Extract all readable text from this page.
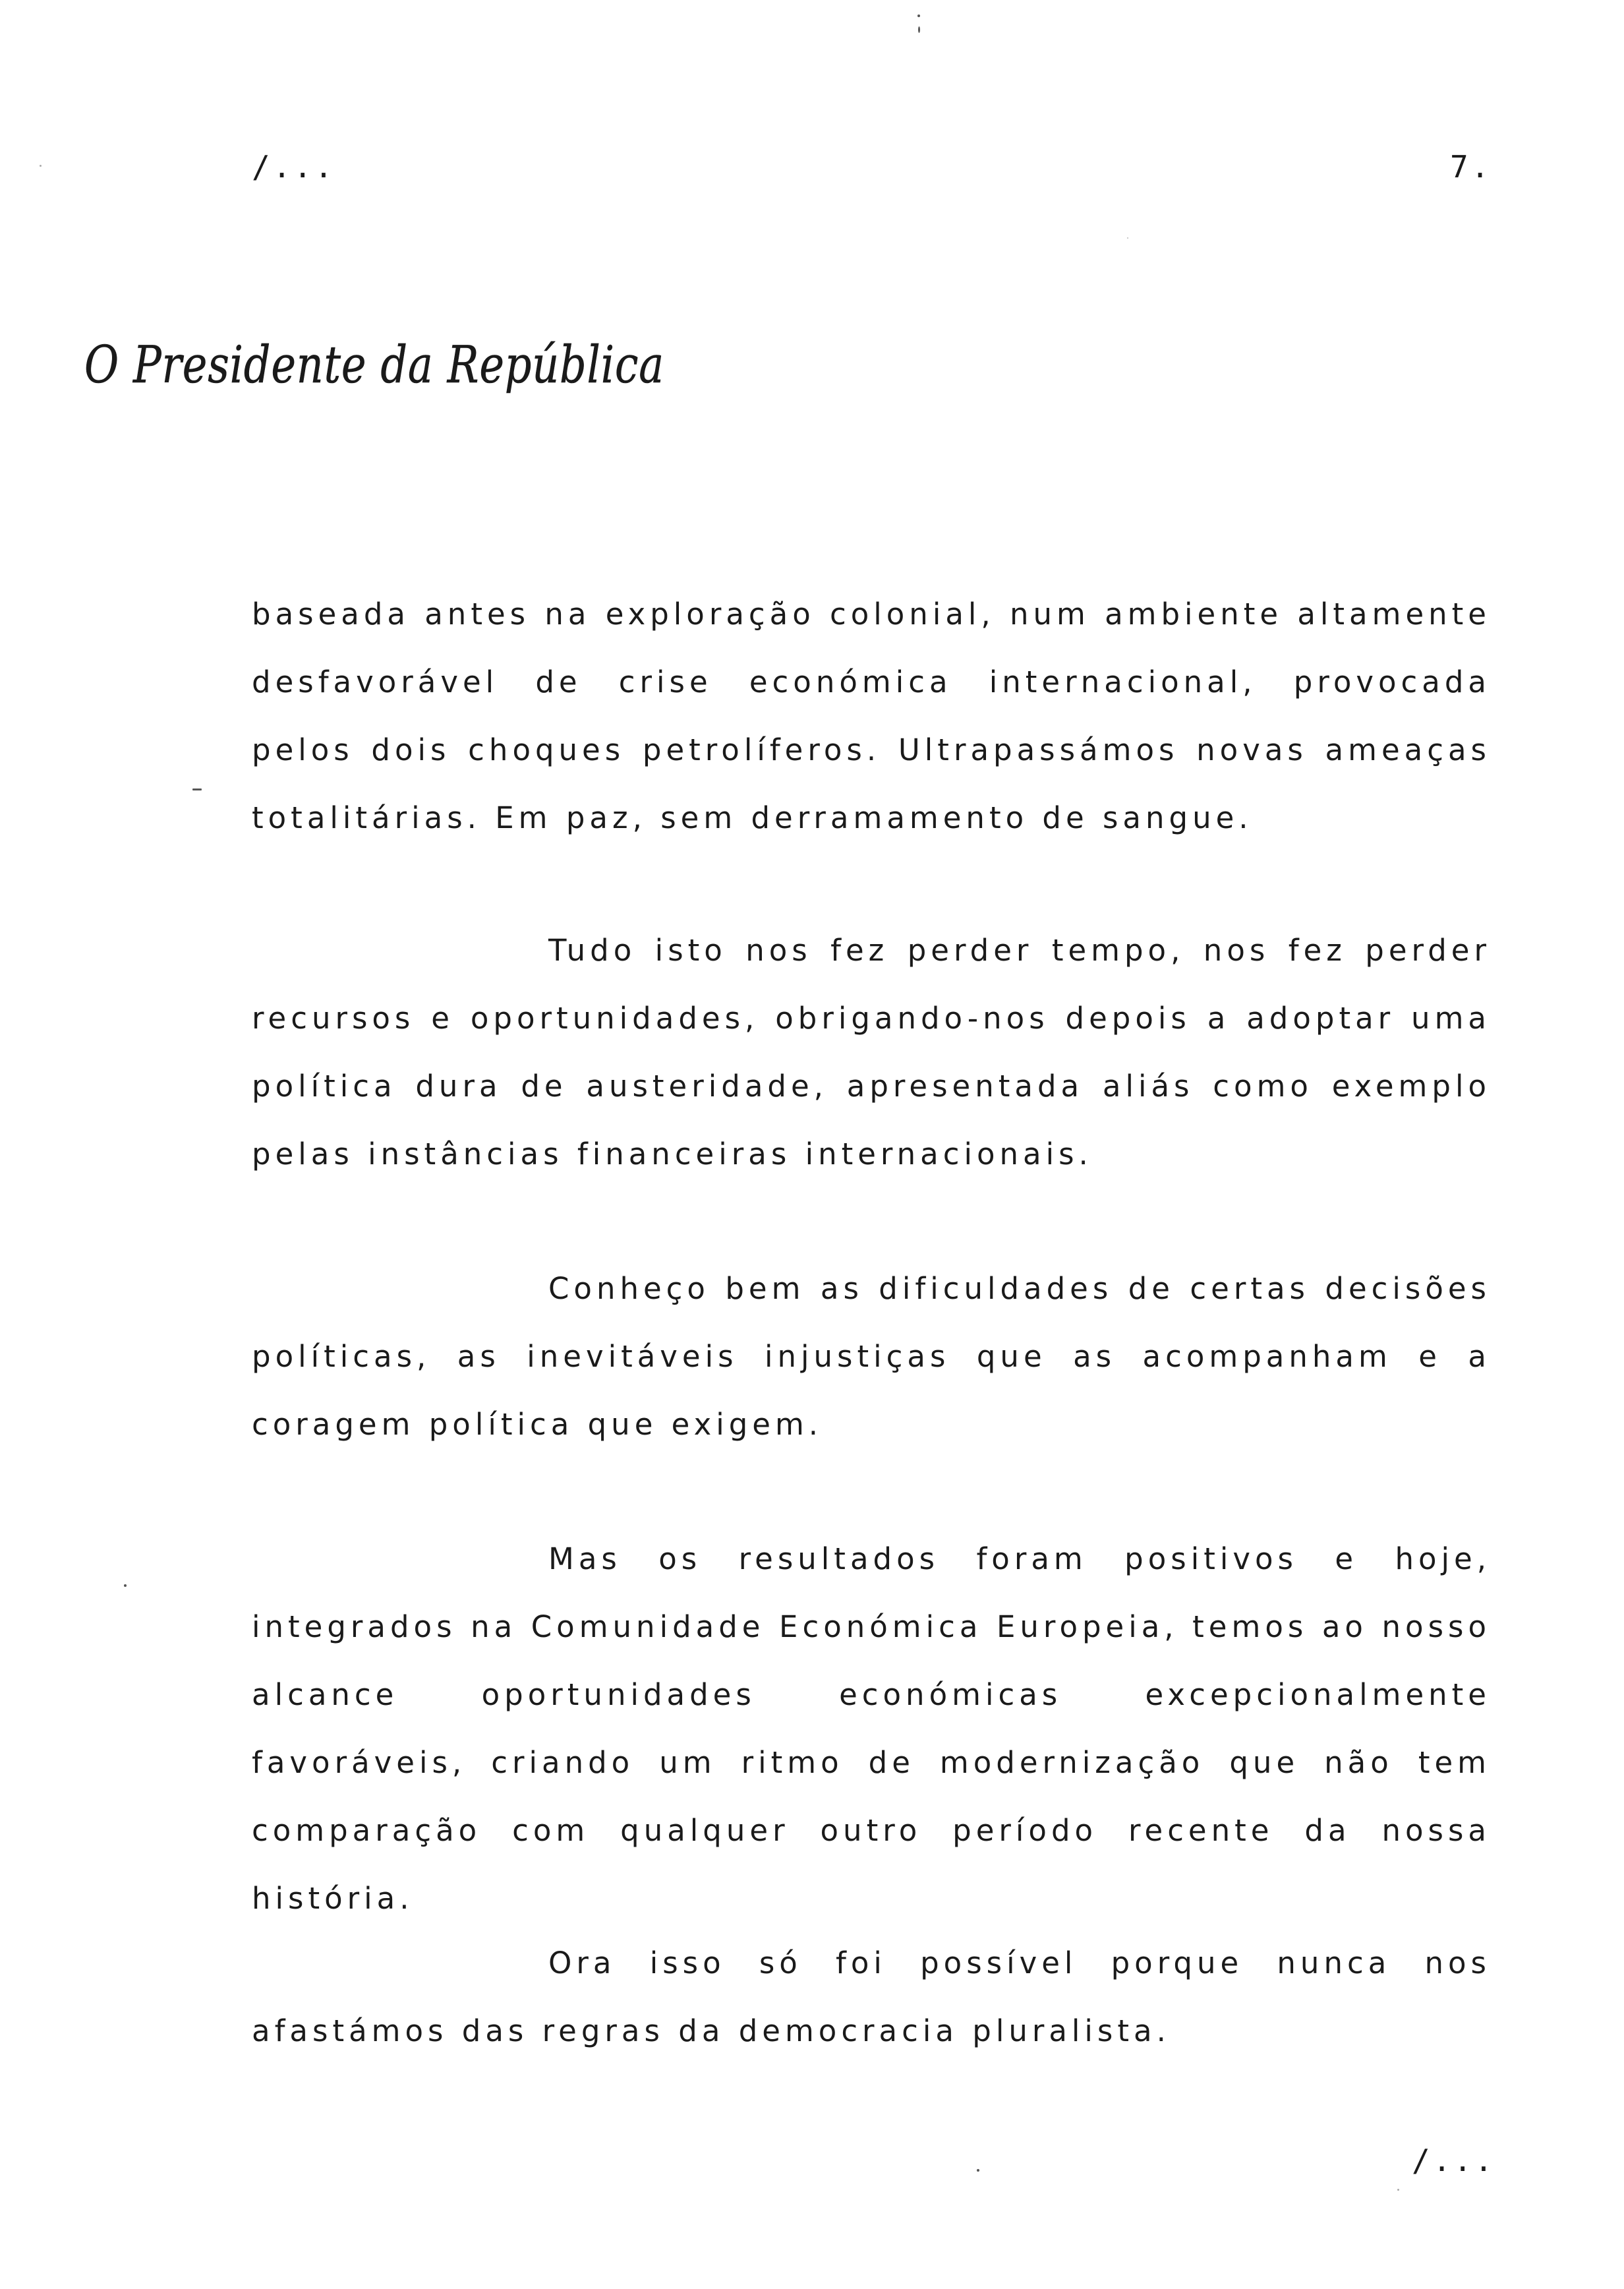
/...	7.
O Presidente da República

baseada antes na exploração colonial, num ambiente altamente desfavorável de crise económica internacional, provocada pelos dois choques petrolíferos. Ultrapassámos novas ameaças totalitárias. Em paz, sem derramamento de sangue.

Tudo isto nos fez perder tempo, nos fez perder recursos e oportunidades, obrigando-nos depois a adoptar uma política dura de austeridade, apresentada aliás como exemplo pelas instâncias financeiras internacionais.

Conheço bem as dificuldades de certas decisões políticas, as inevitáveis injustiças que as acompanham e a coragem política que exigem.

Mas os resultados foram positivos e hoje, integrados na Comunidade Económica Europeia, temos ao nosso alcance oportunidades económicas excepcionalmente favoráveis, criando um ritmo de modernização que não tem comparação com qualquer outro período recente da nossa história.

Ora isso só foi possível porque nunca nos afastámos das regras da democracia pluralista.

/...
